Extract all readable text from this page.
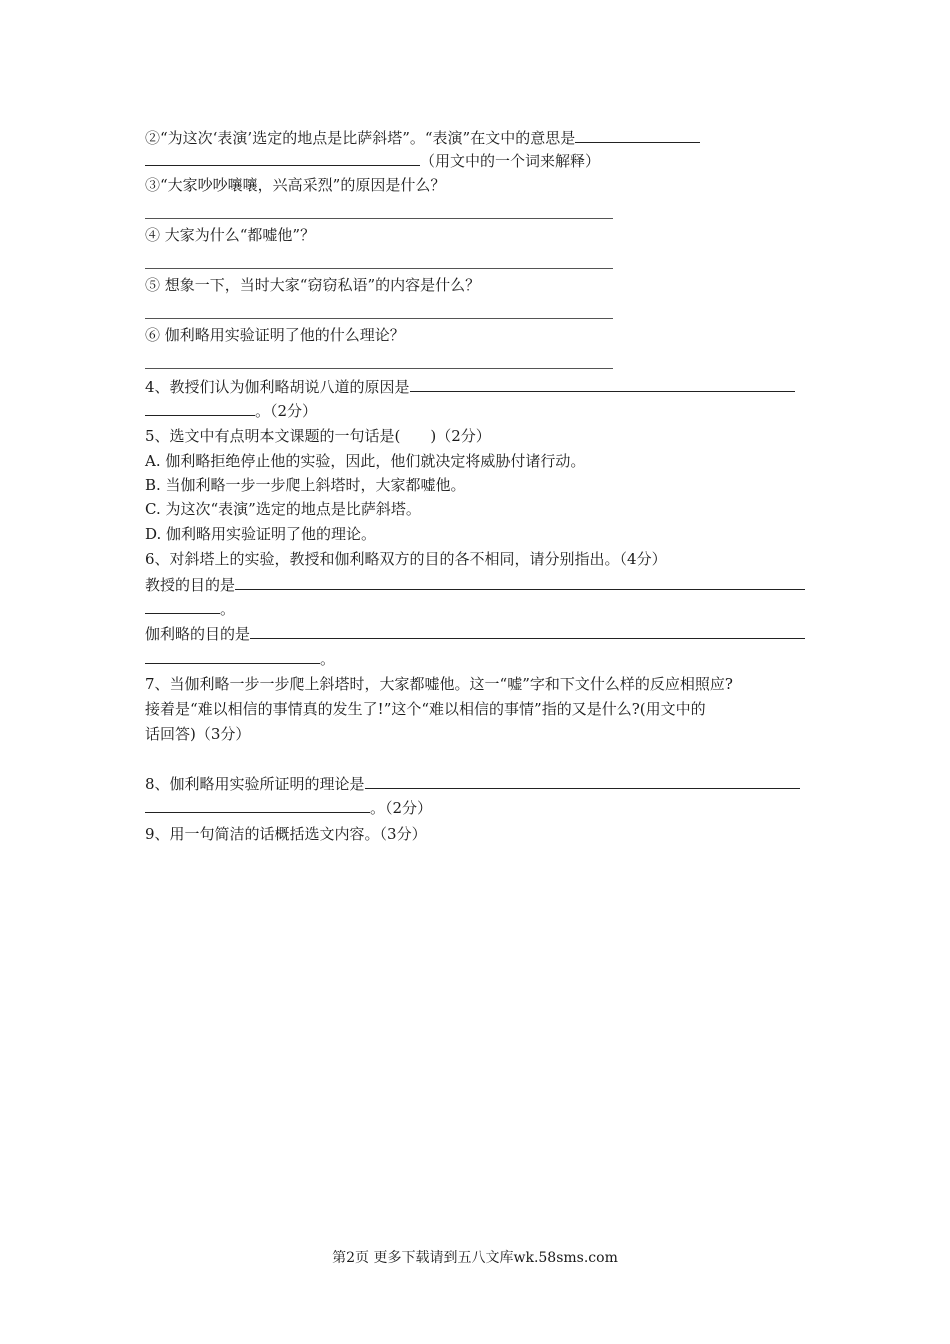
②“为这次‘表演’选定的地点是比萨斜塔”。“表演”在文中的意思是
（用文中的一个词来解释）
③“大家吵吵嚷嚷，兴高采烈”的原因是什么？
④ 大家为什么“都嘘他”？
⑤ 想象一下，当时大家“窃窃私语”的内容是什么？
⑥ 伽利略用实验证明了他的什么理论？
4、教授们认为伽利略胡说八道的原因是
。（2分）
5、选文中有点明本文课题的一句话是(　　)（2分）
A. 伽利略拒绝停止他的实验，因此，他们就决定将威胁付诸行动。
B. 当伽利略一步一步爬上斜塔时，大家都嘘他。
C. 为这次“表演”选定的地点是比萨斜塔。
D. 伽利略用实验证明了他的理论。
6、对斜塔上的实验，教授和伽利略双方的目的各不相同，请分别指出。（4分）
教授的目的是
。
伽利略的目的是
。
7、当伽利略一步一步爬上斜塔时，大家都嘘他。这一“嘘”字和下文什么样的反应相照应?
接着是“难以相信的事情真的发生了!”这个“难以相信的事情”指的又是什么?(用文中的
话回答)（3分）
8、伽利略用实验所证明的理论是
。（2分）
9、用一句简洁的话概括选文内容。（3分）
第2页 更多下载请到五八文库wk.58sms.com
